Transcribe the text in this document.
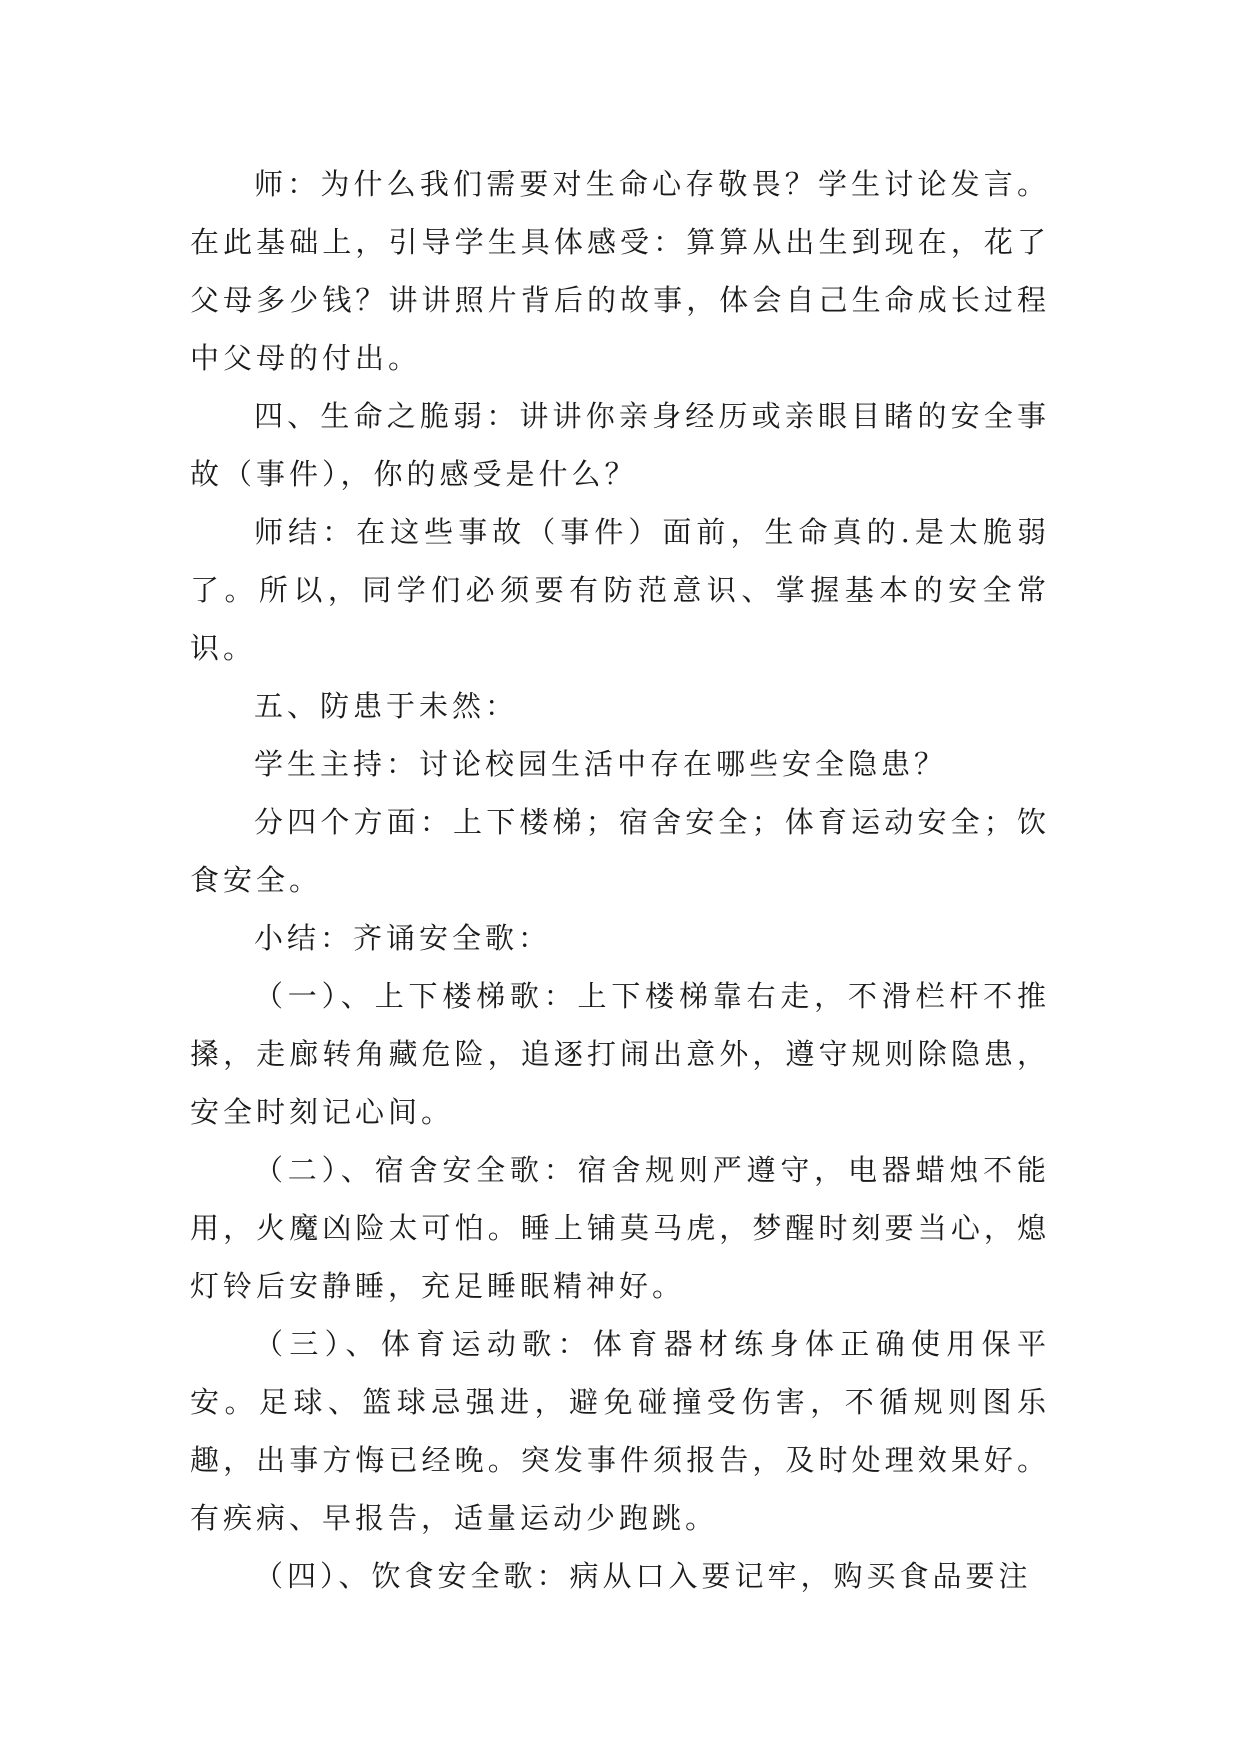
师：为什么我们需要对生命心存敬畏？学生讨论发言。在此基础上，引导学生具体感受：算算从出生到现在，花了父母多少钱？讲讲照片背后的故事，体会自己生命成长过程中父母的付出。

四、生命之脆弱：讲讲你亲身经历或亲眼目睹的安全事故（事件），你的感受是什么？

师结：在这些事故（事件）面前，生命真的.是太脆弱了。所以，同学们必须要有防范意识、掌握基本的安全常识。

五、防患于未然：

学生主持：讨论校园生活中存在哪些安全隐患？

分四个方面：上下楼梯；宿舍安全；体育运动安全；饮食安全。

小结：齐诵安全歌：

（一）、上下楼梯歌：上下楼梯靠右走，不滑栏杆不推搡，走廊转角藏危险，追逐打闹出意外，遵守规则除隐患，安全时刻记心间。

（二）、宿舍安全歌：宿舍规则严遵守，电器蜡烛不能用，火魔凶险太可怕。睡上铺莫马虎，梦醒时刻要当心，熄灯铃后安静睡，充足睡眠精神好。

（三）、体育运动歌：体育器材练身体正确使用保平安。足球、篮球忌强进，避免碰撞受伤害，不循规则图乐趣，出事方悔已经晚。突发事件须报告，及时处理效果好。有疾病、早报告，适量运动少跑跳。

（四）、饮食安全歌：病从口入要记牢，购买食品要注
